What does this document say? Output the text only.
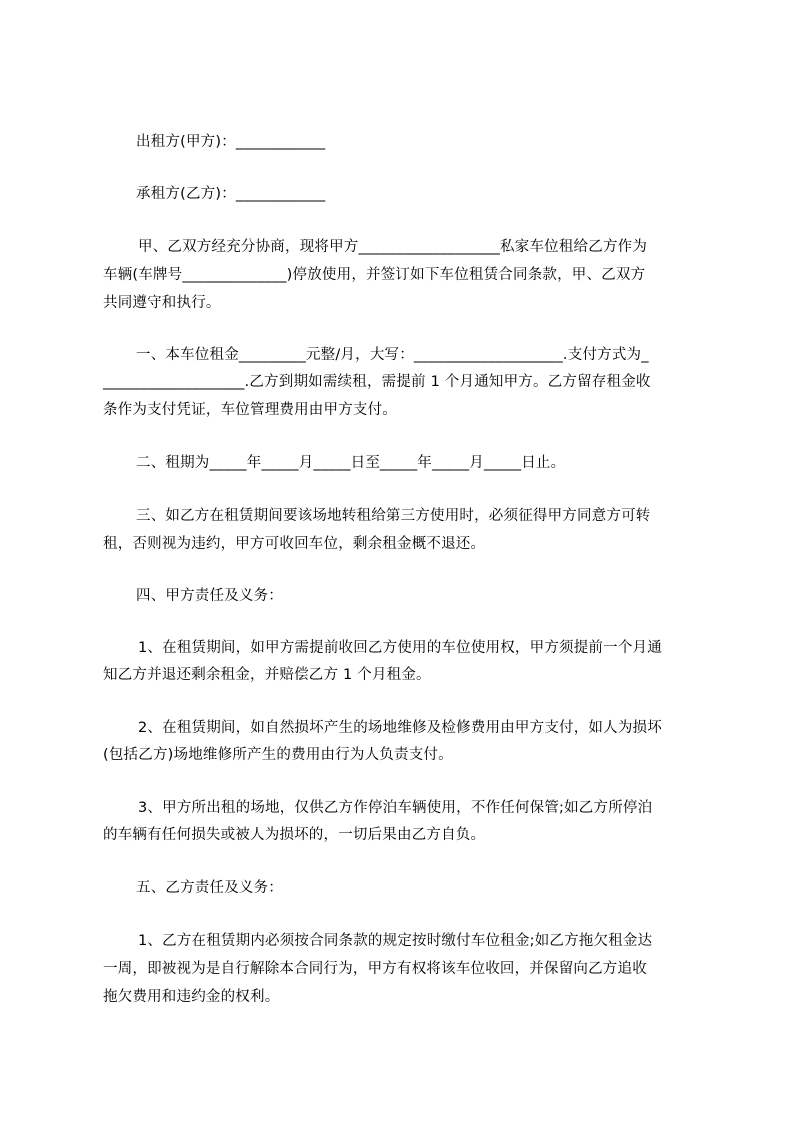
出租方(甲方)：____________
承租方(乙方)：____________
甲、乙双方经充分协商，现将甲方___________________私家车位租给乙方作为
车辆(车牌号______________)停放使用，并签订如下车位租赁合同条款，甲、乙双方
共同遵守和执行。
一、本车位租金_________元整/月，大写：____________________.支付方式为_
___________________.乙方到期如需续租，需提前 1 个月通知甲方。乙方留存租金收
条作为支付凭证，车位管理费用由甲方支付。
二、租期为_____年_____月_____日至_____年_____月_____日止。
三、如乙方在租赁期间要该场地转租给第三方使用时，必须征得甲方同意方可转
租，否则视为违约，甲方可收回车位，剩余租金概不退还。
四、甲方责任及义务：
1、在租赁期间，如甲方需提前收回乙方使用的车位使用权，甲方须提前一个月通
知乙方并退还剩余租金，并赔偿乙方 1 个月租金。
2、在租赁期间，如自然损坏产生的场地维修及检修费用由甲方支付，如人为损坏
(包括乙方)场地维修所产生的费用由行为人负责支付。
3、甲方所出租的场地，仅供乙方作停泊车辆使用，不作任何保管;如乙方所停泊
的车辆有任何损失或被人为损坏的，一切后果由乙方自负。
五、乙方责任及义务：
1、乙方在租赁期内必须按合同条款的规定按时缴付车位租金;如乙方拖欠租金达
一周，即被视为是自行解除本合同行为，甲方有权将该车位收回，并保留向乙方追收
拖欠费用和违约金的权利。
